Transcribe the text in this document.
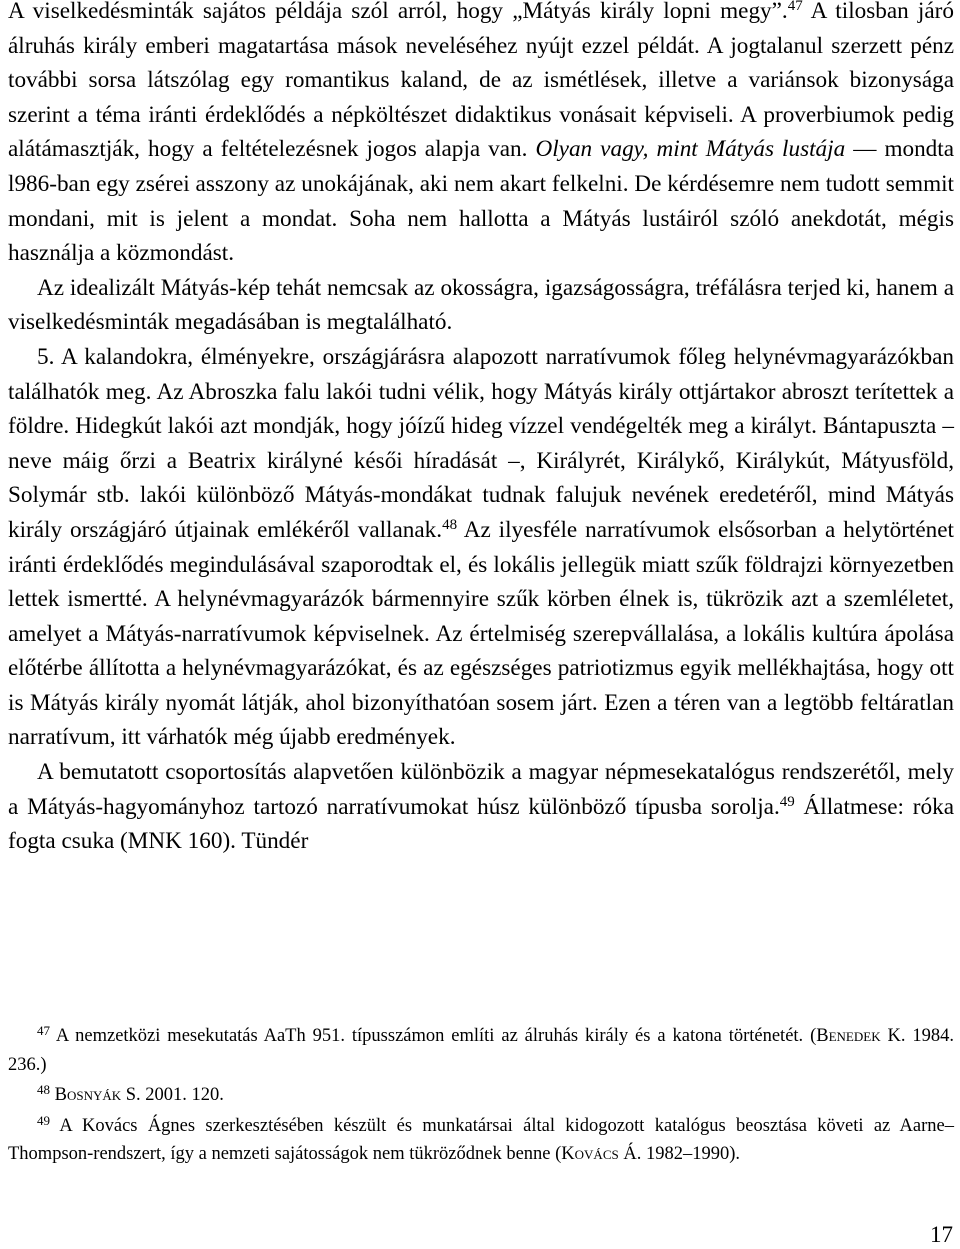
A viselkedésminták sajátos példája szól arról, hogy „Mátyás király lopni megy”.$^{47}$ A tilosban járó álruhás király emberi magatartása mások neveléséhez nyújt ezzel példát. A jogtalanul szerzett pénz további sorsa látszólag egy romantikus kaland, de az ismétlések, illetve a variánsok bizonysága szerint a téma iránti érdeklődés a népköltészet didaktikus vonásait képviseli. A proverbiumok pedig alátámasztják, hogy a feltételezésnek jogos alapja van. Olyan vagy, mint Mátyás lustája — mondta l986-ban egy zsérei asszony az unokájának, aki nem akart felkelni. De kérdésemre nem tudott semmit mondani, mit is jelent a mondat. Soha nem hallotta a Mátyás lustáiról szóló anekdotát, mégis használja a közmondást.

Az idealizált Mátyás-kép tehát nemcsak az okosságra, igazságosságra, tréfálásra terjed ki, hanem a viselkedésminták megadásában is megtalálható.

5. A kalandokra, élményekre, országjárásra alapozott narratívumok főleg helynévmagyarázókban találhatók meg. Az Abroszka falu lakói tudni vélik, hogy Mátyás király ottjártakor abroszt terítettek a földre. Hidegkút lakói azt mondják, hogy jóízű hideg vízzel vendégelték meg a királyt. Bántapuszta – neve máig őrzi a Beatrix királyné késői híradását –, Királyrét, Királykő, Királykút, Mátyusföld, Solymár stb. lakói különböző Mátyás-mondákat tudnak falujuk nevének eredetéről, mind Mátyás király országjáró útjainak emlékéről vallanak.$^{48}$ Az ilyesféle narratívumok elsősorban a helytörténet iránti érdeklődés megindulásával szaporodtak el, és lokális jellegük miatt szűk földrajzi környezetben lettek ismertté. A helynévmagyarázók bármennyire szűk körben élnek is, tükrözik azt a szemléletet, amelyet a Mátyás-narratívumok képviselnek. Az értelmiség szerepvállalása, a lokális kultúra ápolása előtérbe állította a helynévmagyarázókat, és az egészséges patriotizmus egyik mellékhajtása, hogy ott is Mátyás király nyomát látják, ahol bizonyíthatóan sosem járt. Ezen a téren van a legtöbb feltáratlan narratívum, itt várhatók még újabb eredmények.

A bemutatott csoportosítás alapvetően különbözik a magyar népmesekatalógus rendszerétől, mely a Mátyás-hagyományhoz tartozó narratívumokat húsz különböző típusba sorolja.$^{49}$ Állatmese: róka fogta csuka (MNK 160). Tündér

$^{47}$ A nemzetközi mesekutatás AaTh 951. típusszámon említi az álruhás király és a katona történetét. (Benedek K. 1984. 236.)

$^{48}$ Bosnyák S. 2001. 120.

$^{49}$ A Kovács Ágnes szerkesztésében készült és munkatársai által kidogozott katalógus beosztása követi az Aarne–Thompson-rendszert, így a nemzeti sajátosságok nem tükröződnek benne (Kovács Á. 1982–1990).

17
